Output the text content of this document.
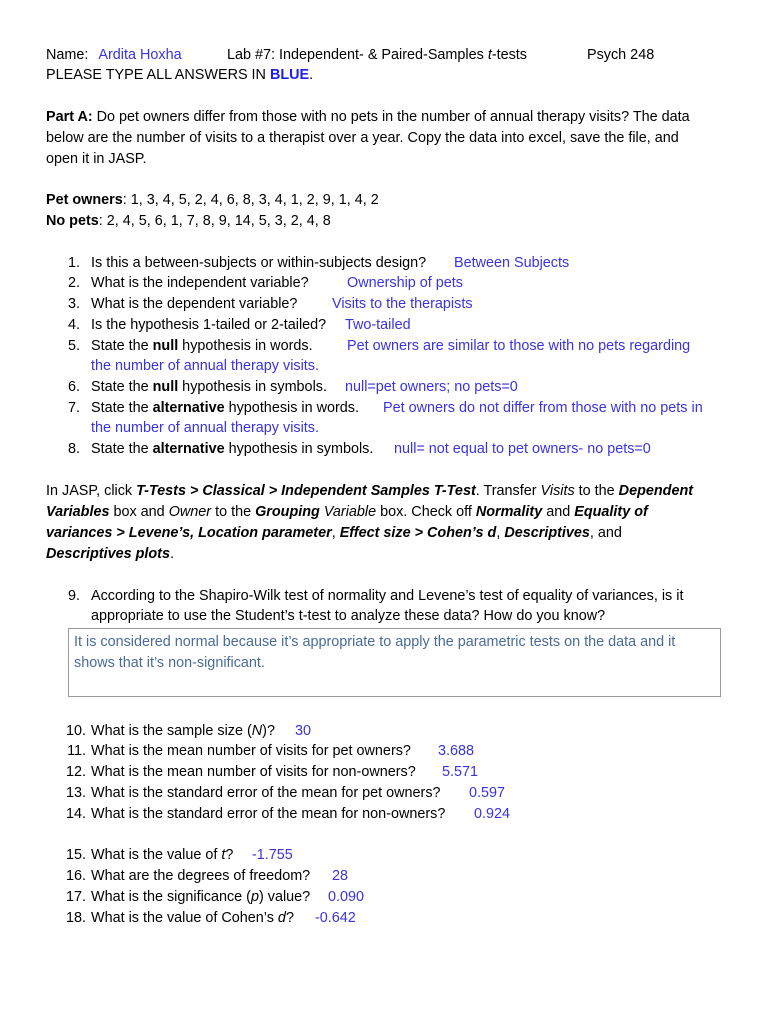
Name: Ardita Hoxha	Lab #7: Independent- & Paired-Samples t-tests	Psych 248
PLEASE TYPE ALL ANSWERS IN BLUE.
Part A: Do pet owners differ from those with no pets in the number of annual therapy visits? The data
below are the number of visits to a therapist over a year. Copy the data into excel, save the file, and
open it in JASP.
Pet owners: 1, 3, 4, 5, 2, 4, 6, 8, 3, 4, 1, 2, 9, 1, 4, 2
No pets: 2, 4, 5, 6, 1, 7, 8, 9, 14, 5, 3, 2, 4, 8
1. Is this a between-subjects or within-subjects design? Between Subjects
2. What is the independent variable?	Ownership of pets
3. What is the dependent variable? Visits to the therapists
4. Is the hypothesis 1-tailed or 2-tailed? Two-tailed
5. State the null hypothesis in words. Pet owners are similar to those with no pets regarding
the number of annual therapy visits.
6. State the null hypothesis in symbols. null=pet owners; no pets=0
7. State the alternative hypothesis in words. Pet owners do not differ from those with no pets in
the number of annual therapy visits.
8. State the alternative hypothesis in symbols. null= not equal to pet owners- no pets=0
In JASP, click T-Tests > Classical > Independent Samples T-Test. Transfer Visits to the Dependent
Variables box and Owner to the Grouping Variable box. Check off Normality and Equality of
variances > Levene’s, Location parameter, Effect size > Cohen’s d, Descriptives, and
Descriptives plots.
9. According to the Shapiro-Wilk test of normality and Levene’s test of equality of variances, is it
appropriate to use the Student’s t-test to analyze these data? How do you know?
It is considered normal because it’s appropriate to apply the parametric tests on the data and it shows that it’s non-significant.
10. What is the sample size (N)? 30
11. What is the mean number of visits for pet owners? 3.688
12. What is the mean number of visits for non-owners? 5.571
13. What is the standard error of the mean for pet owners? 0.597
14. What is the standard error of the mean for non-owners? 0.924
15. What is the value of t? -1.755
16. What are the degrees of freedom? 28
17. What is the significance (p) value? 0.090
18. What is the value of Cohen’s d? -0.642
